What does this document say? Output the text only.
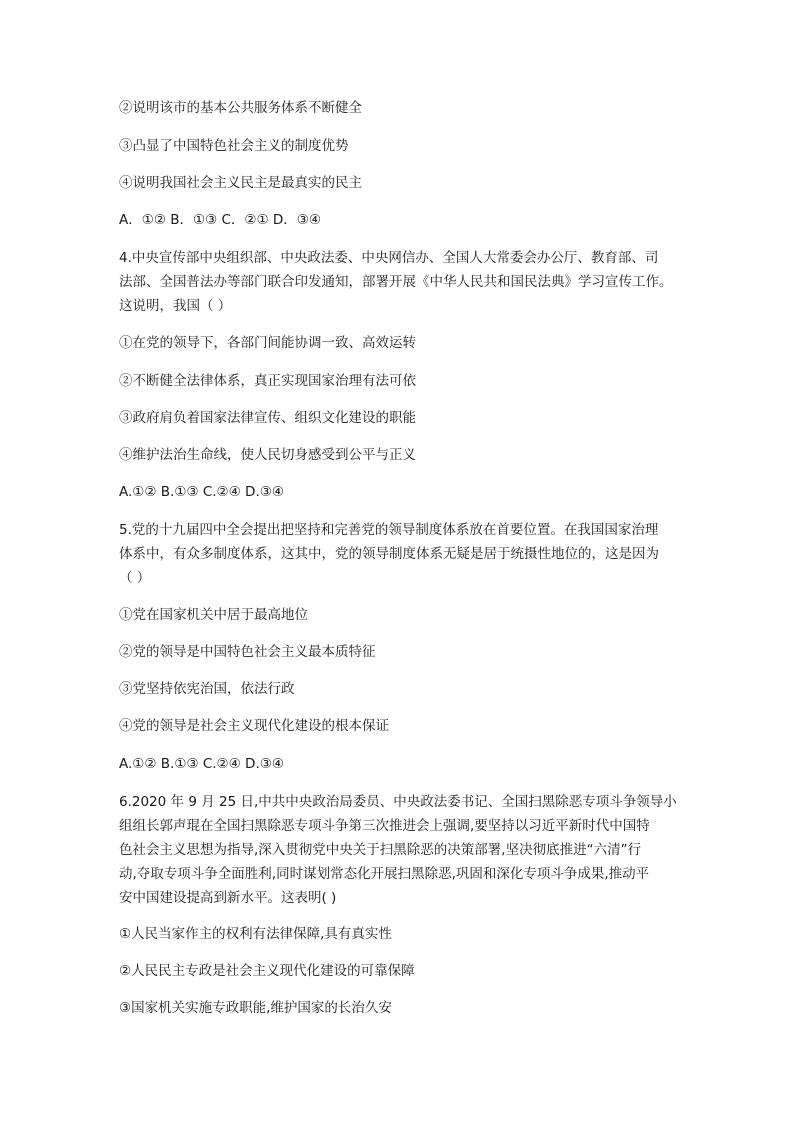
②说明该市的基本公共服务体系不断健全
③凸显了中国特色社会主义的制度优势
④说明我国社会主义民主是最真实的民主
A．①② B．①③ C．②① D．③④
4.中央宣传部中央组织部、中央政法委、中央网信办、全国人大常委会办公厅、教育部、司
法部、全国普法办等部门联合印发通知，部署开展《中华人民共和国民法典》学习宣传工作。
这说明，我国（ ）
①在党的领导下，各部门间能协调一致、高效运转
②不断健全法律体系，真正实现国家治理有法可依
③政府肩负着国家法律宣传、组织文化建设的职能
④维护法治生命线，使人民切身感受到公平与正义
A.①② B.①③ C.②④ D.③④
5.党的十九届四中全会提出把坚持和完善党的领导制度体系放在首要位置。在我国国家治理
体系中，有众多制度体系，这其中，党的领导制度体系无疑是居于统摄性地位的，这是因为
（ ）
①党在国家机关中居于最高地位
②党的领导是中国特色社会主义最本质特征
③党坚持依宪治国，依法行政
④党的领导是社会主义现代化建设的根本保证
A.①② B.①③ C.②④ D.③④
6.2020 年 9 月 25 日,中共中央政治局委员、中央政法委书记、全国扫黑除恶专项斗争领导小
组组长郭声琨在全国扫黑除恶专项斗争第三次推进会上强调,要坚持以习近平新时代中国特
色社会主义思想为指导,深入贯彻党中央关于扫黑除恶的决策部署,坚决彻底推进“六清”行
动,夺取专项斗争全面胜利,同时谋划常态化开展扫黑除恶,巩固和深化专项斗争成果,推动平
安中国建设提高到新水平。这表明( )
①人民当家作主的权利有法律保障,具有真实性
②人民民主专政是社会主义现代化建设的可靠保障
③国家机关实施专政职能,维护国家的长治久安
